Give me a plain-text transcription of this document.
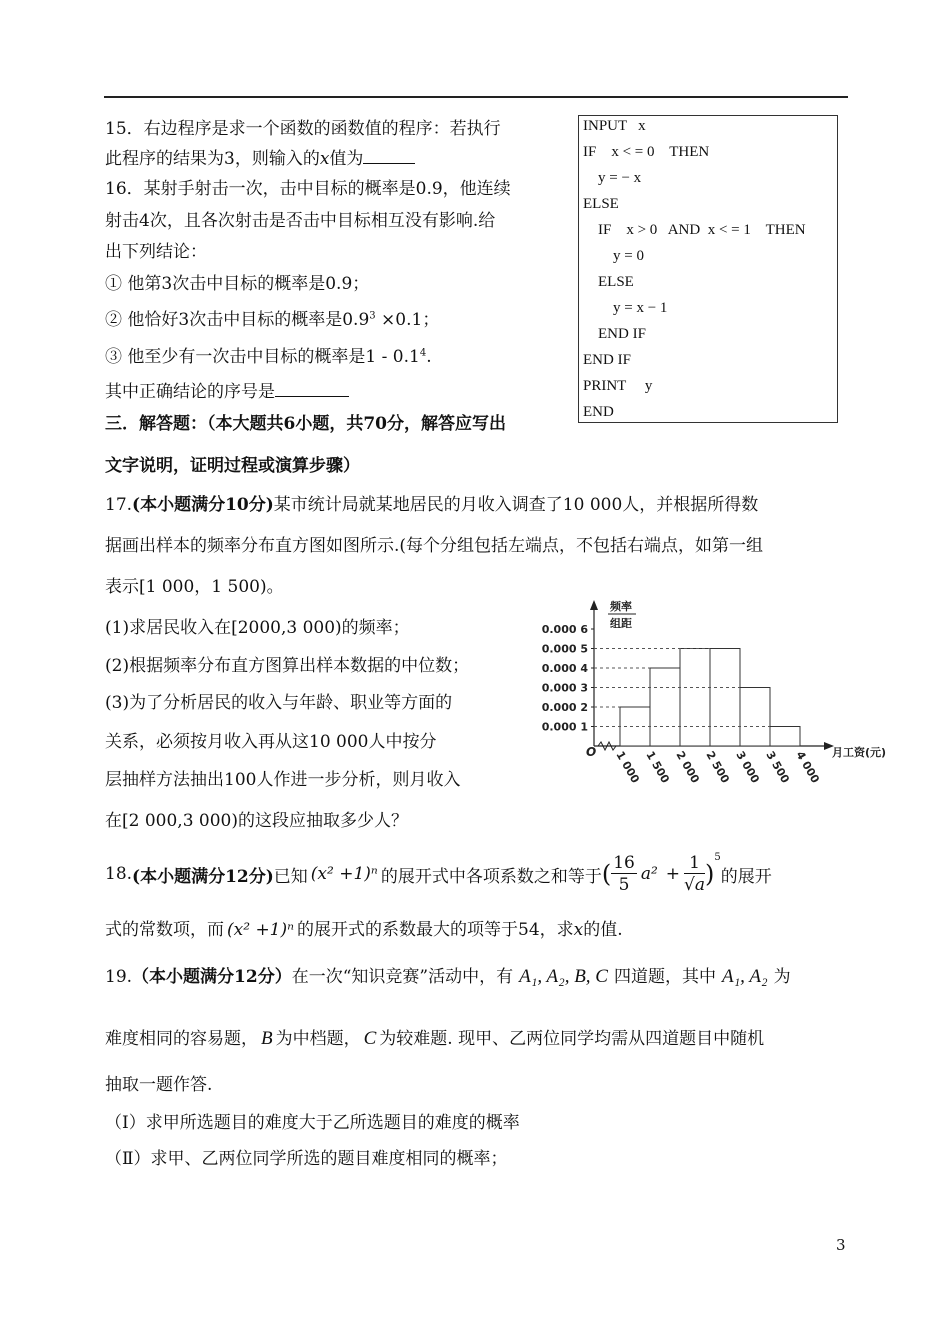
15．右边程序是求一个函数的函数值的程序：若执行
此程序的结果为3，则输入的x值为
16．某射手射击一次，击中目标的概率是0.9，他连续
射击4次，且各次射击是否击中目标相互没有影响.给
出下列结论：
① 他第3次击中目标的概率是0.9；
② 他恰好3次击中目标的概率是$0.9^3 \times 0.1$；
③ 他至少有一次击中目标的概率是$1 - 0.1^4$.
其中正确结论的序号是
INPUT   x
IF    x < = 0    THEN
y = − x
ELSE
IF    x > 0   AND  x < = 1    THEN
y = 0
ELSE
y = x − 1
END IF
END IF
PRINT     y
END
三．解答题：（本大题共6小题，共70分，解答应写出
文字说明，证明过程或演算步骤）
17.(本小题满分10分)某市统计局就某地居民的月收入调查了10 000人，并根据所得数
据画出样本的频率分布直方图如图所示.(每个分组包括左端点，不包括右端点，如第一组
表示[1 000，1 500)。
(1)求居民收入在[2000,3 000)的频率；
(2)根据频率分布直方图算出样本数据的中位数；
(3)为了分析居民的收入与年龄、职业等方面的
关系，必须按月收入再从这10 000人中按分
层抽样方法抽出100人作进一步分析，则月收入
在[2 000,3 000)的这段应抽取多少人？
0.000 1
0.000 2
0.000 3
0.000 4
0.000 5
0.000 6
1 000 1 500 2 000 2 500 3 000 3 500 4 000
O
频率
组距
月工资(元)
18. (本小题满分12分) 已知 (x² +1)ⁿ 的展开式中各项系数之和等于 ( $\frac{16}{5} a^2 + \frac{1}{√a}$ )
$^5$
的展开
式的常数项，而 (x² +1)ⁿ 的展开式的系数最大的项等于54，求x的值.
19.（本小题满分12分）在一次“知识竞赛”活动中，有 A₁, A₂, B, C 四道题，其中 A₁, A₂ 为
难度相同的容易题， B 为中档题， C 为较难题. 现甲、乙两位同学均需从四道题目中随机
抽取一题作答.
（Ⅰ）求甲所选题目的难度大于乙所选题目的难度的概率
（Ⅱ）求甲、乙两位同学所选的题目难度相同的概率；
3
